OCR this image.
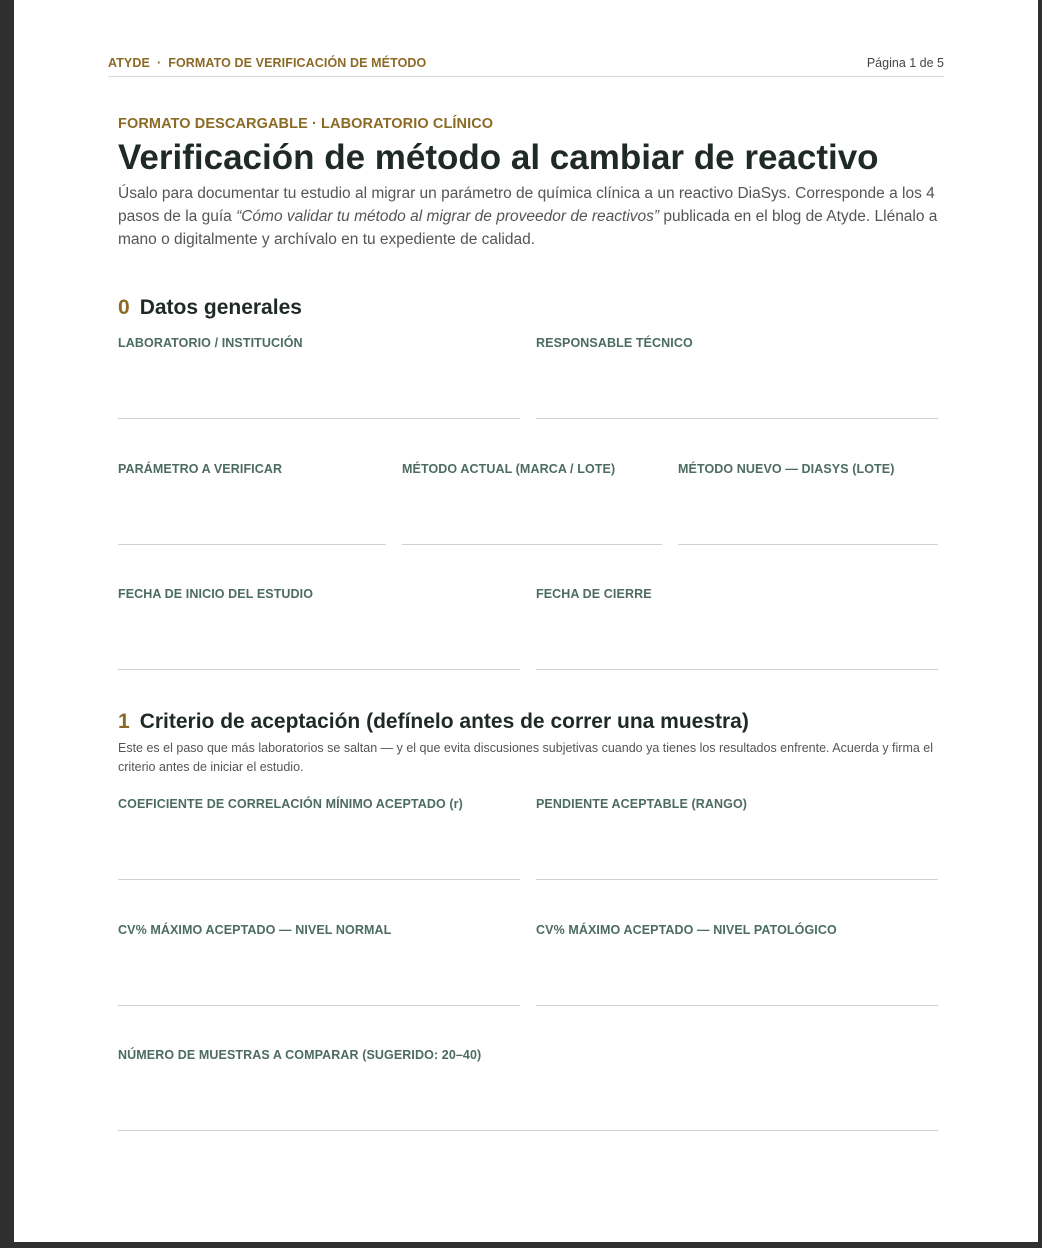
ATYDE · FORMATO DE VERIFICACIÓN DE MÉTODO	Página 1 de 5
FORMATO DESCARGABLE · LABORATORIO CLÍNICO
Verificación de método al cambiar de reactivo

Úsalo para documentar tu estudio al migrar un parámetro de química clínica a un reactivo DiaSys. Corresponde a los 4 pasos de la guía “Cómo validar tu método al migrar de proveedor de reactivos” publicada en el blog de Atyde. Llénalo a mano o digitalmente y archívalo en tu expediente de calidad.

0 Datos generales
LABORATORIO / INSTITUCIÓN	RESPONSABLE TÉCNICO
PARÁMETRO A VERIFICAR	MÉTODO ACTUAL (MARCA / LOTE)	MÉTODO NUEVO — DIASYS (LOTE)
FECHA DE INICIO DEL ESTUDIO	FECHA DE CIERRE
1 Criterio de aceptación (defínelo antes de correr una muestra)
Este es el paso que más laboratorios se saltan — y el que evita discusiones subjetivas cuando ya tienes los resultados enfrente. Acuerda y firma el criterio antes de iniciar el estudio.
COEFICIENTE DE CORRELACIÓN MÍNIMO ACEPTADO (r)	PENDIENTE ACEPTABLE (RANGO)
CV% MÁXIMO ACEPTADO — NIVEL NORMAL	CV% MÁXIMO ACEPTADO — NIVEL PATOLÓGICO
NÚMERO DE MUESTRAS A COMPARAR (SUGERIDO: 20–40)
